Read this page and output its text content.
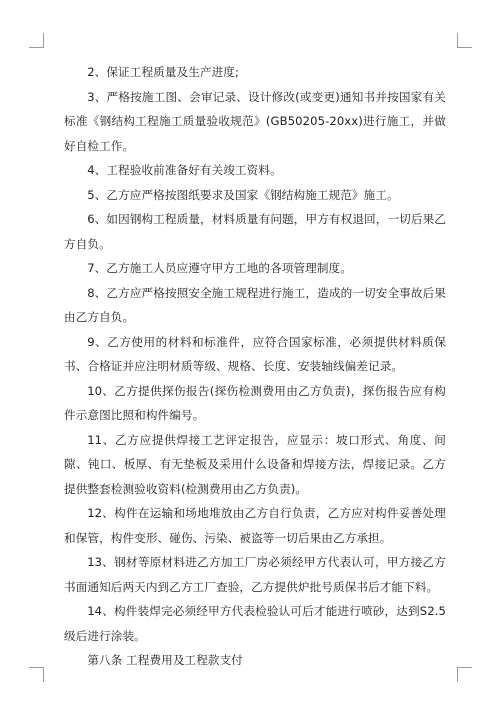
2、保证工程质量及生产进度;

3、严格按施工图、会审记录、设计修改(或变更)通知书并按国家有关标准《钢结构工程施工质量验收规范》(GB50205-20xx)进行施工，并做好自检工作。

4、工程验收前准备好有关竣工资料。

5、乙方应严格按图纸要求及国家《钢结构施工规范》施工。

6、如因钢构工程质量，材料质量有问题，甲方有权退回，一切后果乙方自负。

7、乙方施工人员应遵守甲方工地的各项管理制度。

8、乙方应严格按照安全施工规程进行施工，造成的一切安全事故后果由乙方自负。

9、乙方使用的材料和标准件，应符合国家标准，必须提供材料质保书、合格证并应注明材质等级、规格、长度、安装轴线偏差记录。

10、乙方提供探伤报告(探伤检测费用由乙方负责)，探伤报告应有构件示意图比照和构件编号。

11、乙方应提供焊接工艺评定报告，应显示：坡口形式、角度、间隙、钝口、板厚、有无垫板及采用什么设备和焊接方法，焊接记录。乙方提供整套检测验收资料(检测费用由乙方负责)。

12、构件在运输和场地堆放由乙方自行负责，乙方应对构件妥善处理和保管，构件变形、碰伤、污染、被盗等一切后果由乙方承担。

13、钢材等原材料进乙方加工厂房必须经甲方代表认可，甲方接乙方书面通知后两天内到乙方工厂查验，乙方提供炉批号质保书后才能下料。

14、构件装焊完必须经甲方代表检验认可后才能进行喷砂，达到S2.5级后进行涂装。

第八条 工程费用及工程款支付
